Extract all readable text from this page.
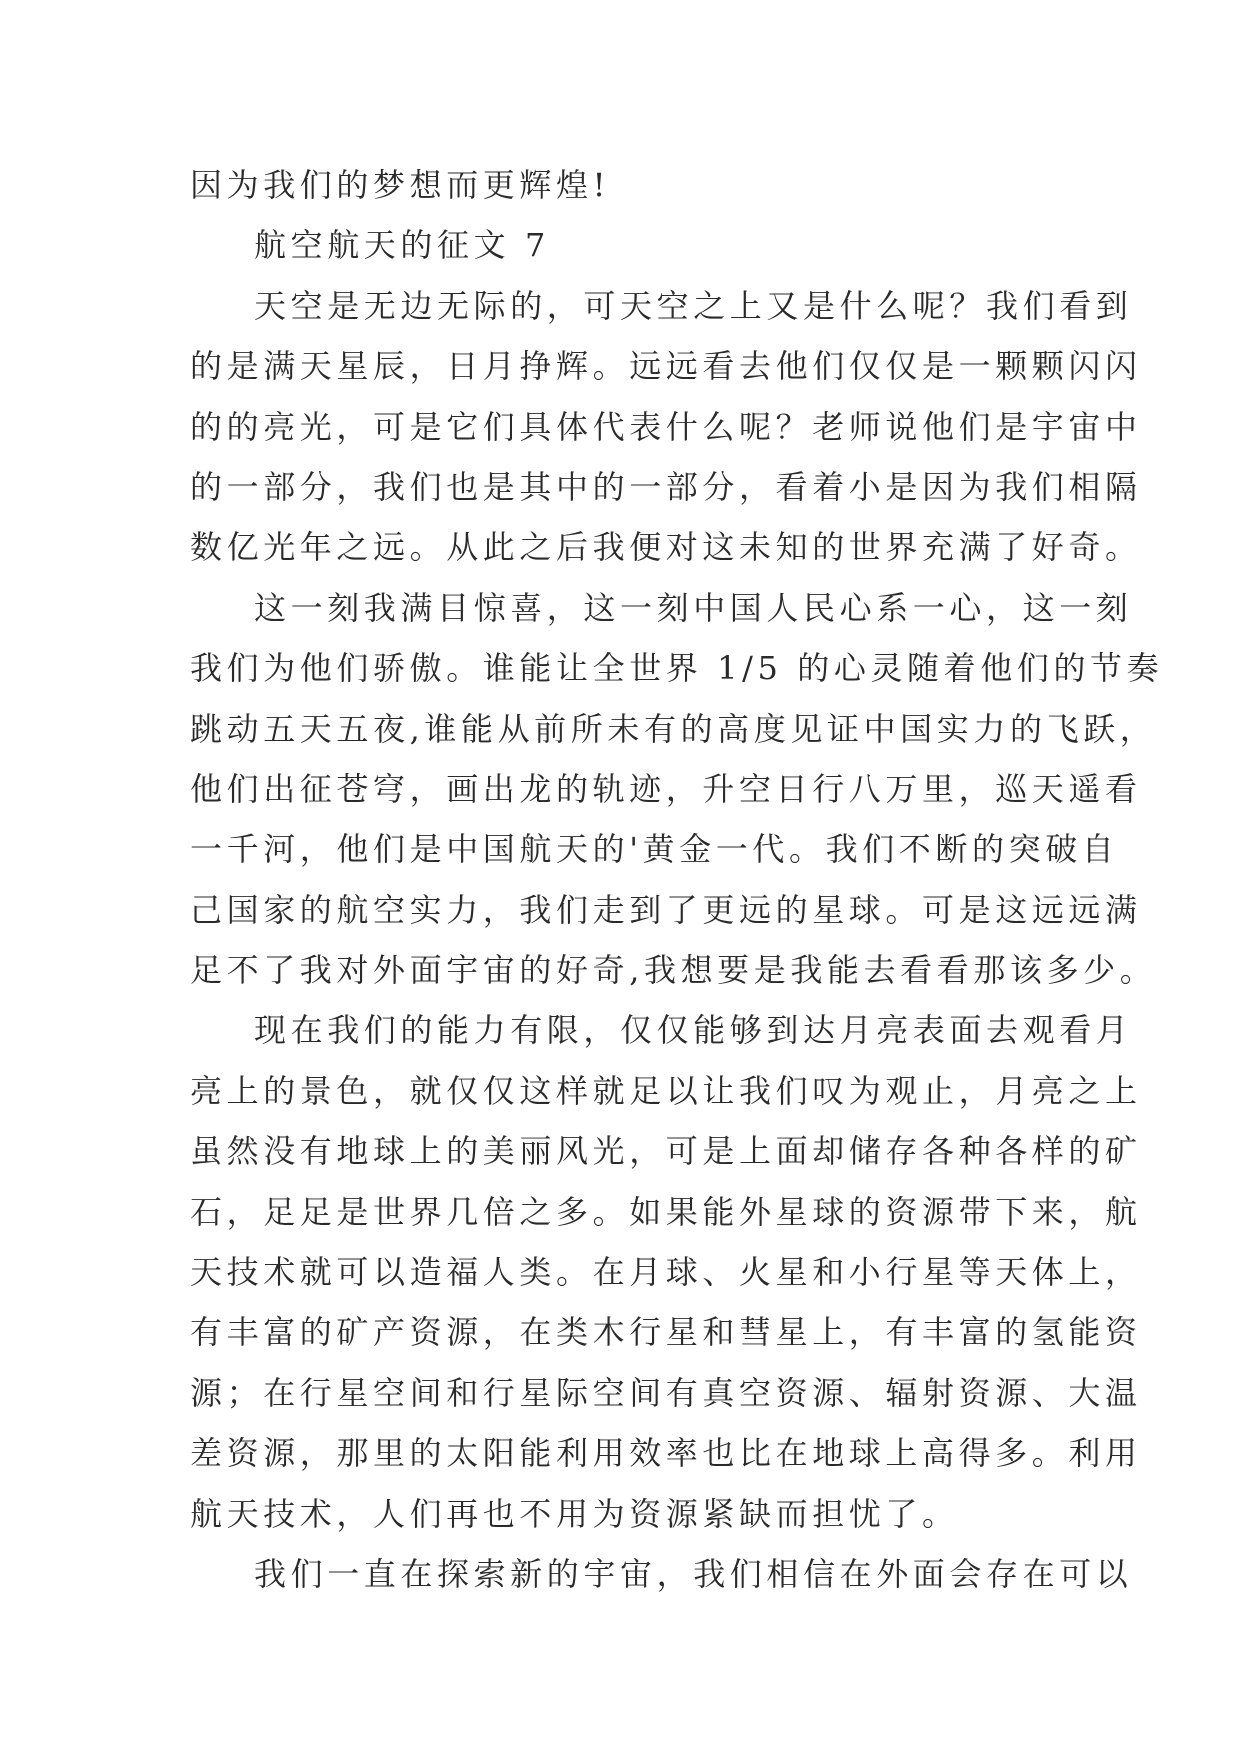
因为我们的梦想而更辉煌!
航空航天的征文 7
天空是无边无际的，可天空之上又是什么呢？我们看到
的是满天星辰，日月挣辉。远远看去他们仅仅是一颗颗闪闪
的的亮光，可是它们具体代表什么呢？老师说他们是宇宙中
的一部分，我们也是其中的一部分，看着小是因为我们相隔
数亿光年之远。从此之后我便对这未知的世界充满了好奇。
这一刻我满目惊喜，这一刻中国人民心系一心，这一刻
我们为他们骄傲。谁能让全世界 1/5 的心灵随着他们的节奏
跳动五天五夜,谁能从前所未有的高度见证中国实力的飞跃，
他们出征苍穹，画出龙的轨迹，升空日行八万里，巡天遥看
一千河，他们是中国航天的'黄金一代。我们不断的突破自
己国家的航空实力，我们走到了更远的星球。可是这远远满
足不了我对外面宇宙的好奇,我想要是我能去看看那该多少。
现在我们的能力有限，仅仅能够到达月亮表面去观看月
亮上的景色，就仅仅这样就足以让我们叹为观止，月亮之上
虽然没有地球上的美丽风光，可是上面却储存各种各样的矿
石，足足是世界几倍之多。如果能外星球的资源带下来，航
天技术就可以造福人类。在月球、火星和小行星等天体上，
有丰富的矿产资源，在类木行星和彗星上，有丰富的氢能资
源；在行星空间和行星际空间有真空资源、辐射资源、大温
差资源，那里的太阳能利用效率也比在地球上高得多。利用
航天技术，人们再也不用为资源紧缺而担忧了。
我们一直在探索新的宇宙，我们相信在外面会存在可以
